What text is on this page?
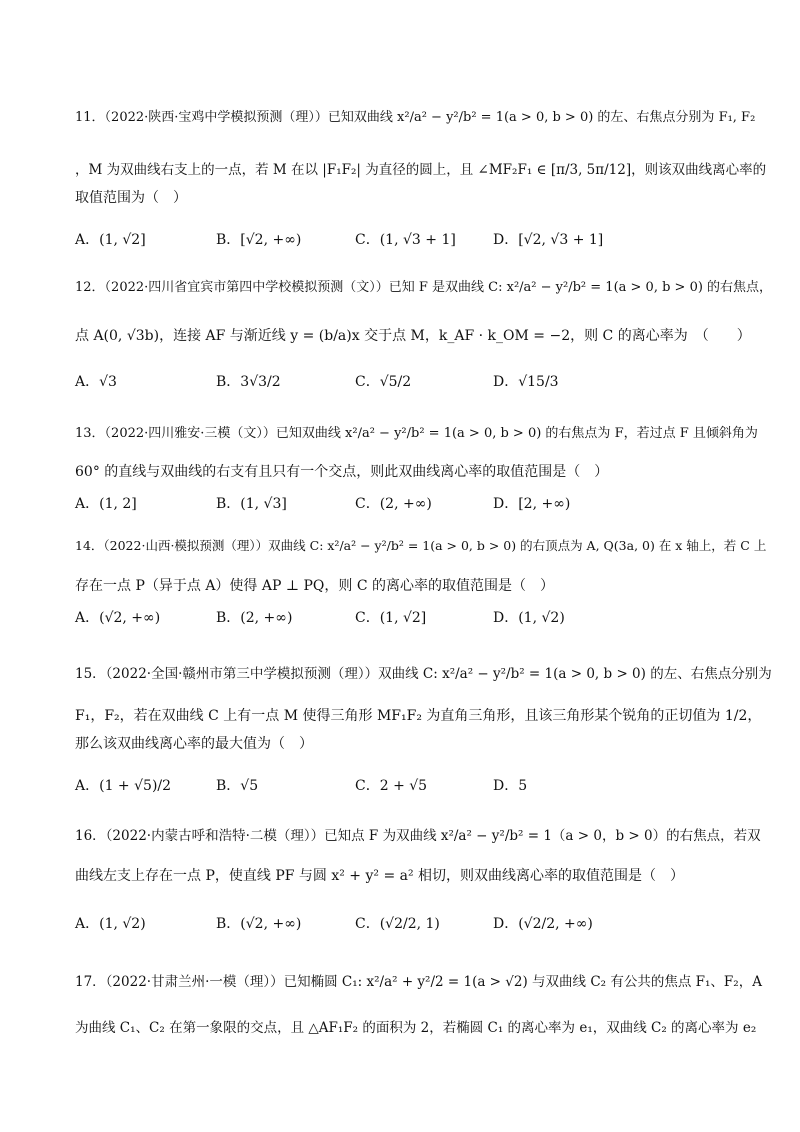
11．（2022·陕西·宝鸡中学模拟预测（理））已知双曲线 x²/a² − y²/b² = 1(a > 0, b > 0) 的左、右焦点分别为 F₁, F₂
，M 为双曲线右支上的一点，若 M 在以 |F₁F₂| 为直径的圆上，且 ∠MF₂F₁ ∈ [π/3, 5π/12]，则该双曲线离心率的
取值范围为（　）
A．(1, √2]	B．[√2, +∞)	C．(1, √3 + 1]	D．[√2, √3 + 1]
12．（2022·四川省宜宾市第四中学校模拟预测（文））已知 F 是双曲线 C: x²/a² − y²/b² = 1(a > 0, b > 0) 的右焦点，
点 A(0, √3b)，连接 AF 与渐近线 y = (b/a)x 交于点 M，k_AF · k_OM = −2，则 C 的离心率为　（　　）
A．√3	B．3√3/2	C．√5/2	D．√15/3
13．（2022·四川雅安·三模（文））已知双曲线 x²/a² − y²/b² = 1(a > 0, b > 0) 的右焦点为 F，若过点 F 且倾斜角为
60° 的直线与双曲线的右支有且只有一个交点，则此双曲线离心率的取值范围是（　）
A．(1, 2]	B．(1, √3]	C．(2, +∞)	D．[2, +∞)
14．（2022·山西·模拟预测（理））双曲线 C: x²/a² − y²/b² = 1(a > 0, b > 0) 的右顶点为 A, Q(3a, 0) 在 x 轴上，若 C 上
存在一点 P（异于点 A）使得 AP ⊥ PQ，则 C 的离心率的取值范围是（　）
A．(√2, +∞)	B．(2, +∞)	C．(1, √2]	D．(1, √2)
15．（2022·全国·赣州市第三中学模拟预测（理））双曲线 C: x²/a² − y²/b² = 1(a > 0, b > 0) 的左、右焦点分别为
F₁，F₂，若在双曲线 C 上有一点 M 使得三角形 MF₁F₂ 为直角三角形，且该三角形某个锐角的正切值为 1/2，
那么该双曲线离心率的最大值为（　）
A．(1 + √5)/2	B．√5	C．2 + √5	D．5
16．（2022·内蒙古呼和浩特·二模（理））已知点 F 为双曲线 x²/a² − y²/b² = 1（a > 0，b > 0）的右焦点，若双
曲线左支上存在一点 P，使直线 PF 与圆 x² + y² = a² 相切，则双曲线离心率的取值范围是（　）
A．(1, √2)	B．(√2, +∞)	C．(√2/2, 1)	D．(√2/2, +∞)
17．（2022·甘肃兰州·一模（理））已知椭圆 C₁: x²/a² + y²/2 = 1(a > √2) 与双曲线 C₂ 有公共的焦点 F₁、F₂，A
为曲线 C₁、C₂ 在第一象限的交点，且 △AF₁F₂ 的面积为 2，若椭圆 C₁ 的离心率为 e₁，双曲线 C₂ 的离心率为 e₂
